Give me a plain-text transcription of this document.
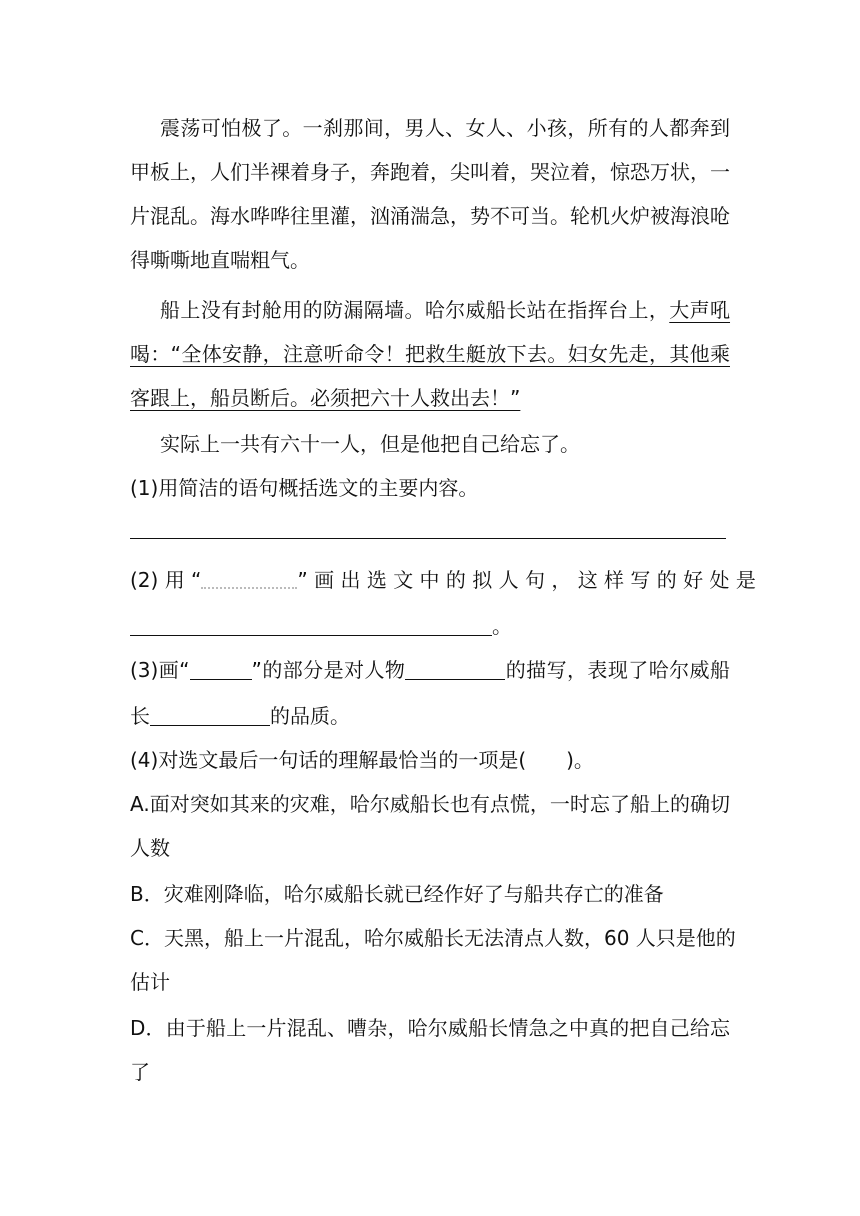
震荡可怕极了。一刹那间，男人、女人、小孩，所有的人都奔到
甲板上，人们半裸着身子，奔跑着，尖叫着，哭泣着，惊恐万状，一
片混乱。海水哗哗往里灌，汹涌湍急，势不可当。轮机火炉被海浪呛
得嘶嘶地直喘粗气。
船上没有封舱用的防漏隔墙。哈尔威船长站在指挥台上，大声吼
喝：“全体安静，注意听命令！把救生艇放下去。妇女先走，其他乘
客跟上，船员断后。必须把六十人救出去！”
实际上一共有六十一人，但是他把自己给忘了。
(1)用简洁的语句概括选文的主要内容。
(2) 用 “	” 画 出 选 文 中 的 拟 人 句 ， 这 样 写 的 好 处 是
。
(3)画“	”的部分是对人物	的描写，表现了哈尔威船
长	的品质。
(4)对选文最后一句话的理解最恰当的一项是(　　)。
A.面对突如其来的灾难，哈尔威船长也有点慌，一时忘了船上的确切
人数
B．灾难刚降临，哈尔威船长就已经作好了与船共存亡的准备
C．天黑，船上一片混乱，哈尔威船长无法清点人数，60 人只是他的
估计
D．由于船上一片混乱、嘈杂，哈尔威船长情急之中真的把自己给忘
了
